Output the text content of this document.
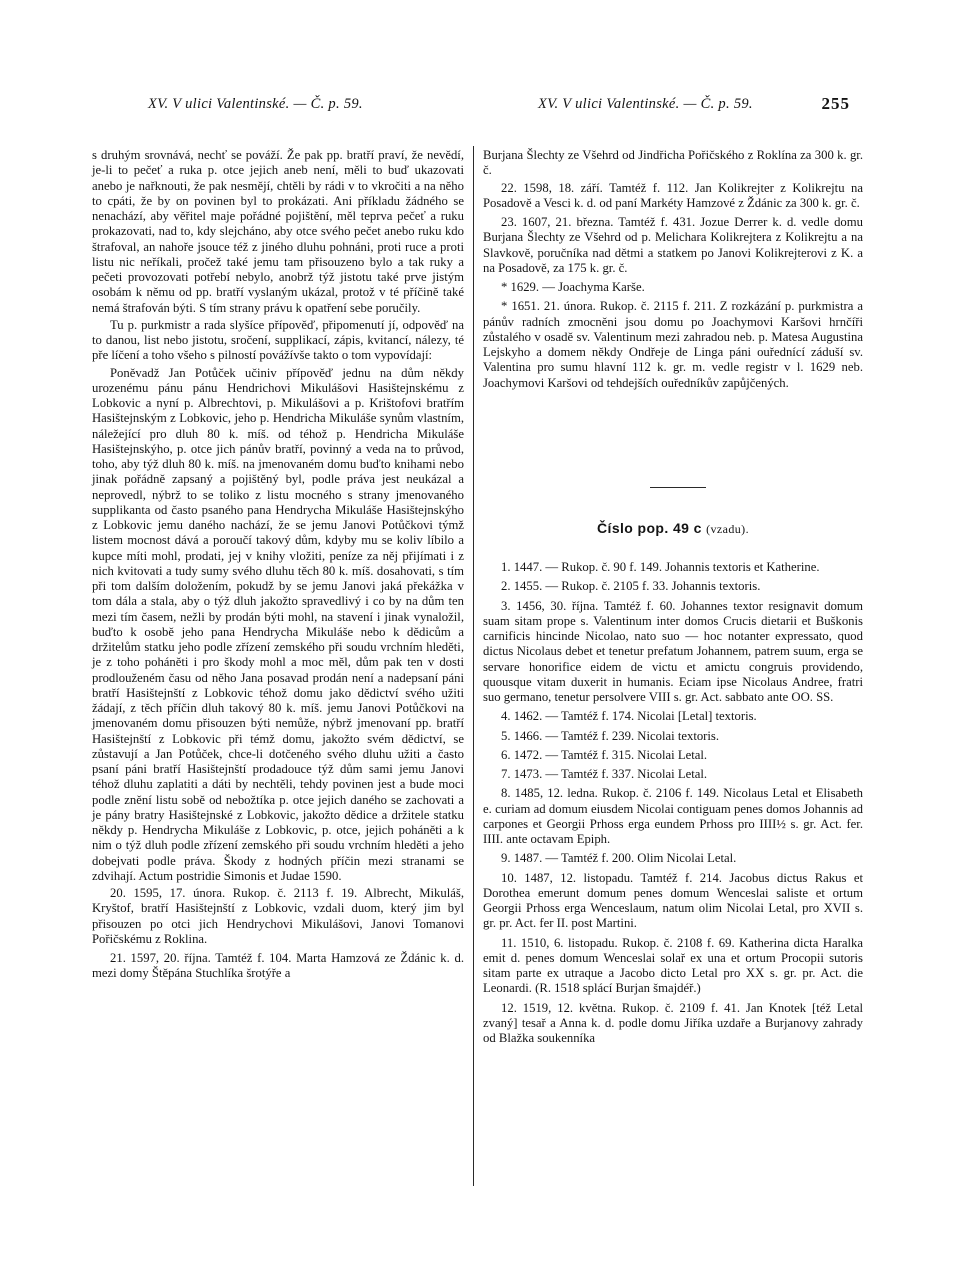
XV. V ulici Valentinské. — Č. p. 59.	XV. V ulici Valentinské. — Č. p. 59.	255

s druhým srovnává, nechť se pováží. Že pak pp. bratří praví, že nevědí, je-li to pečeť a ruka p. otce jejich aneb není, měli to buď ukazovati anebo je nařknouti, že pak nesmějí, chtěli by rádi v to vkročiti a na něho to cpáti, že by on povinen byl to prokázati. Ani příkladu žádného se nenachází, aby věřitel maje pořádné pojištění, měl teprva pečeť a ruku prokazovati, nad to, kdy slejcháno, aby otce svého pečet anebo ruku kdo štrafoval, an nahoře jsouce též z jiného dluhu pohnáni, proti ruce a proti listu nic neříkali, pročež také jemu tam přisouzeno bylo a tak ruky a pečeti provozovati potřebí nebylo, anobrž týž jistotu také prve jistým osobám k němu od pp. bratří vyslaným ukázal, protož v té příčině také nemá štrafován býti. S tím strany právu k opatření sebe poručily.

Tu p. purkmistr a rada slyšíce přípověď, připomenutí jí, odpověď na to danou, list nebo jistotu, sročení, supplikací, zápis, kvitancí, nálezy, té pře líčení a toho všeho s pilností povážívše takto o tom vypovídají:

Poněvadž Jan Potůček učiniv přípověď jednu na dům někdy urozenému pánu pánu Hendrichovi Mikulášovi Hasištejnskému z Lobkovic a nyní p. Albrechtovi, p. Mikulášovi a p. Krištofovi bratřím Hasištejnským z Lobkovic, jeho p. Hendricha Mikuláše synům vlastním, náležející pro dluh 80 k. míš. od téhož p. Hendricha Mikuláše Hasištejnskýho, p. otce jich pánův bratří, povinný a veda na to průvod, toho, aby týž dluh 80 k. míš. na jmenovaném domu buďto knihami nebo jinak pořádně zapsaný a pojištěný byl, podle práva jest neukázal a neprovedl, nýbrž to se toliko z listu mocného s strany jmenovaného supplikanta od často psaného pana Hendrycha Mikuláše Hasištejnskýho z Lobkovic jemu daného nachází, že se jemu Janovi Potůčkovi týmž listem mocnost dává a poroučí takový dům, kdyby mu se koliv líbilo a kupce míti mohl, prodati, jej v knihy vložiti, peníze za něj přijímati i z nich kvitovati a tudy sumy svého dluhu těch 80 k. míš. dosahovati, s tím při tom dalším doložením, pokudž by se jemu Janovi jaká překážka v tom dála a stala, aby o týž dluh jakožto spravedlivý i co by na dům ten mezi tím časem, nežli by prodán býti mohl, na stavení i jinak vynaložil, buďto k osobě jeho pana Hendrycha Mikuláše nebo k dědicům a držitelům statku jeho podle zřízení zemského při soudu vrchním hleděti, je z toho poháněti i pro škody mohl a moc měl, dům pak ten v dosti prodlouženém času od něho Jana posavad prodán není a nadepsaní páni bratří Hasištejnští z Lobkovic téhož domu jako dědictví svého užiti žádají, z těch příčin dluh takový 80 k. míš. jemu Janovi Potůčkovi na jmenovaném domu přisouzen býti nemůže, nýbrž jmenovaní pp. bratří Hasištejnští z Lobkovic při témž domu, jakožto svém dědictví, se zůstavují a Jan Potůček, chce-li dotčeného svého dluhu užiti a často psaní páni bratří Hasištejnští prodadouce týž dům sami jemu Janovi téhož dluhu zaplatiti a dáti by nechtěli, tehdy povinen jest a bude moci podle znění listu sobě od nebožtíka p. otce jejich daného se zachovati a je pány bratry Hasištejnské z Lobkovic, jakožto dědice a držitele statku někdy p. Hendrycha Mikuláše z Lobkovic, p. otce, jejich poháněti a k nim o týž dluh podle zřízení zemského při soudu vrchním hleděti a jeho dobejvati podle práva. Škody z hodných příčin mezi stranami se zdvihají. Actum postridie Simonis et Judae 1590.

20. 1595, 17. února. Rukop. č. 2113 f. 19. Albrecht, Mikuláš, Kryštof, bratří Hasištejnští z Lobkovic, vzdali duom, který jim byl přisouzen po otci jich Hendrychovi Mikulášovi, Janovi Tomanovi Pořičskému z Roklina.

21. 1597, 20. října. Tamtéž f. 104. Marta Hamzová ze Ždánic k. d. mezi domy Štěpána Stuchlíka šrotýře a

Burjana Šlechty ze Všehrd od Jindřicha Pořičského z Roklína za 300 k. gr. č.

22. 1598, 18. září. Tamtéž f. 112. Jan Kolikrejter z Kolikrejtu na Posadově a Vesci k. d. od paní Markéty Hamzové z Ždánic za 300 k. gr. č.

23. 1607, 21. března. Tamtéž f. 431. Jozue Derrer k. d. vedle domu Burjana Šlechty ze Všehrd od p. Melichara Kolikrejtera z Kolikrejtu a na Slavkově, poručníka nad dětmi a statkem po Janovi Kolikrejterovi z K. a na Posadově, za 175 k. gr. č.

* 1629. — Joachyma Karše.

* 1651. 21. února. Rukop. č. 2115 f. 211. Z rozkázání p. purkmistra a pánův radních zmocněni jsou domu po Joachymovi Karšovi hrnčíři zůstalého v osadě sv. Valentinum mezi zahradou neb. p. Matesa Augustina Lejskyho a domem někdy Ondřeje de Linga páni ouřednící záduší sv. Valentina pro sumu hlavní 112 k. gr. m. vedle registr v l. 1629 neb. Joachymovi Karšovi od tehdejších ouředníkův zapůjčených.

Číslo pop. 49 c (vzadu).

1. 1447. — Rukop. č. 90 f. 149. Johannis textoris et Katherine.

2. 1455. — Rukop. č. 2105 f. 33. Johannis textoris.

3. 1456, 30. října. Tamtéž f. 60. Johannes textor resignavit domum suam sitam prope s. Valentinum inter domos Crucis dietarii et Buškonis carnificis hincinde Nicolao, nato suo — hoc notanter expressato, quod dictus Nicolaus debet et tenetur prefatum Johannem, patrem suum, erga se servare honorifice eidem de victu et amictu congruis providendo, quousque vitam duxerit in humanis. Eciam ipse Nicolaus Andree, fratri suo germano, tenetur persolvere VIII s. gr. Act. sabbato ante OO. SS.

4. 1462. — Tamtéž f. 174. Nicolai [Letal] textoris.

5. 1466. — Tamtéž f. 239. Nicolai textoris.

6. 1472. — Tamtéž f. 315. Nicolai Letal.

7. 1473. — Tamtéž f. 337. Nicolai Letal.

8. 1485, 12. ledna. Rukop. č. 2106 f. 149. Nicolaus Letal et Elisabeth e. curiam ad domum eiusdem Nicolai contiguam penes domos Johannis ad carpones et Georgii Prhoss erga eundem Prhoss pro IIII½ s. gr. Act. fer. IIII. ante octavam Epiph.

9. 1487. — Tamtéž f. 200. Olim Nicolai Letal.

10. 1487, 12. listopadu. Tamtéž f. 214. Jacobus dictus Rakus et Dorothea emerunt domum penes domum Wenceslai saliste et ortum Georgii Prhoss erga Wenceslaum, natum olim Nicolai Letal, pro XVII s. gr. pr. Act. fer II. post Martini.

11. 1510, 6. listopadu. Rukop. č. 2108 f. 69. Katherina dicta Haralka emit d. penes domum Wenceslai solař ex una et ortum Procopii sutoris sitam parte ex utraque a Jacobo dicto Letal pro XX s. gr. pr. Act. die Leonardi. (R. 1518 splácí Burjan šmajdéř.)

12. 1519, 12. května. Rukop. č. 2109 f. 41. Jan Knotek [též Letal zvaný] tesař a Anna k. d. podle domu Jiříka uzdaře a Burjanovy zahrady od Blažka soukenníka
